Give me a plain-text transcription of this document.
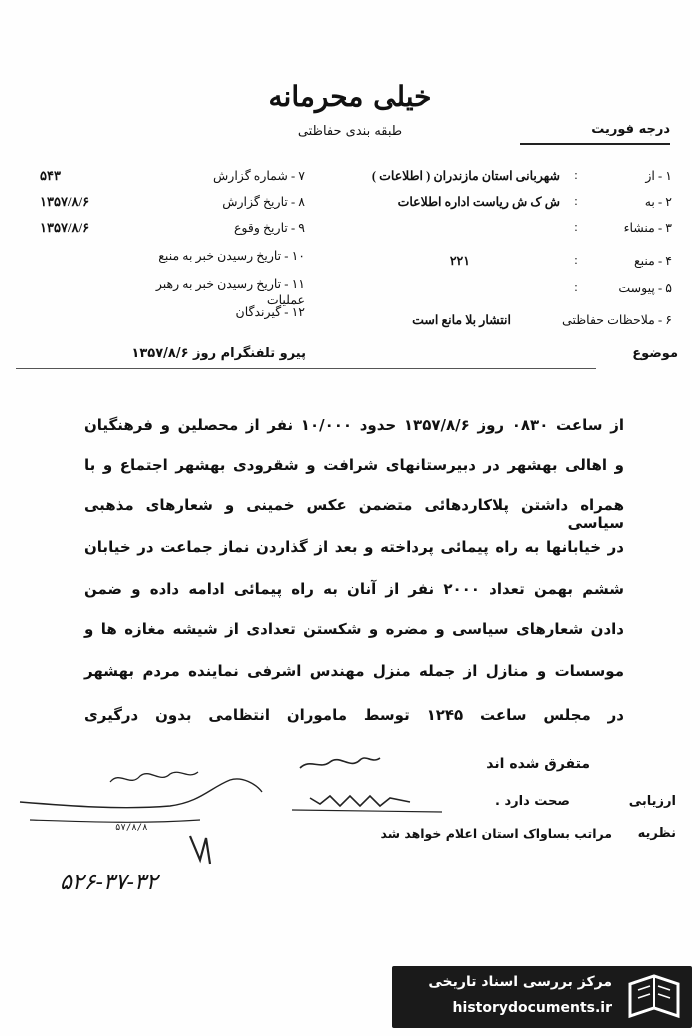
خیلی محرمانه
طبقه بندی حفاظتی	درجه فوریت
۱ - از
:
شهربانی استان مازندران ( اطلاعات )
۲ - به
:
ش ک ش ریاست اداره اطلاعات
۳ - منشاء
:
۴ - منبع
:
۲۲۱
۵ - پیوست
:
۶ - ملاحظات حفاظتی
انتشار بلا مانع است
۷ - شماره گزارش
۵۴۳
۸ - تاریخ گزارش
۱۳۵۷/۸/۶
۹ - تاریخ وقوع
۱۳۵۷/۸/۶
۱۰ - تاریخ رسیدن خبر به منبع
۱۱ - تاریخ رسیدن خبر به رهبر عملیات
۱۲ - گیرندگان
موضوع
پیرو تلفنگرام روز ۱۳۵۷/۸/۶
از ساعت ۰۸۳۰ روز ۱۳۵۷/۸/۶ حدود ۱۰/۰۰۰ نفر از محصلین و فرهنگیان
و اهالی بهشهر در دبیرستانهای شرافت و شقرودی بهشهر اجتماع و با
همراه داشتن پلاکاردهائی متضمن عکس خمینی و شعارهای مذهبی سیاسی
در خیابانها به راه پیمائی پرداخته و بعد از گذاردن نماز جماعت در خیابان
ششم بهمن تعداد ۲۰۰۰ نفر از آنان به راه پیمائی ادامه داده و ضمن
دادن شعارهای سیاسی و مضره و شکستن تعدادی از شیشه مغازه ها و
موسسات و منازل از جمله منزل مهندس اشرفی نماینده مردم بهشهر
در مجلس ساعت ۱۲۴۵ توسط ماموران انتظامی بدون درگیری
متفرق شده اند
ارزیابی
صحت دارد .
نظریه
مراتب بساواک استان اعلام خواهد شد
۵۷/۸/۸
۵۲۶-۳۷-۳۲
مرکز بررسی اسناد تاریخی
historydocuments.ir
